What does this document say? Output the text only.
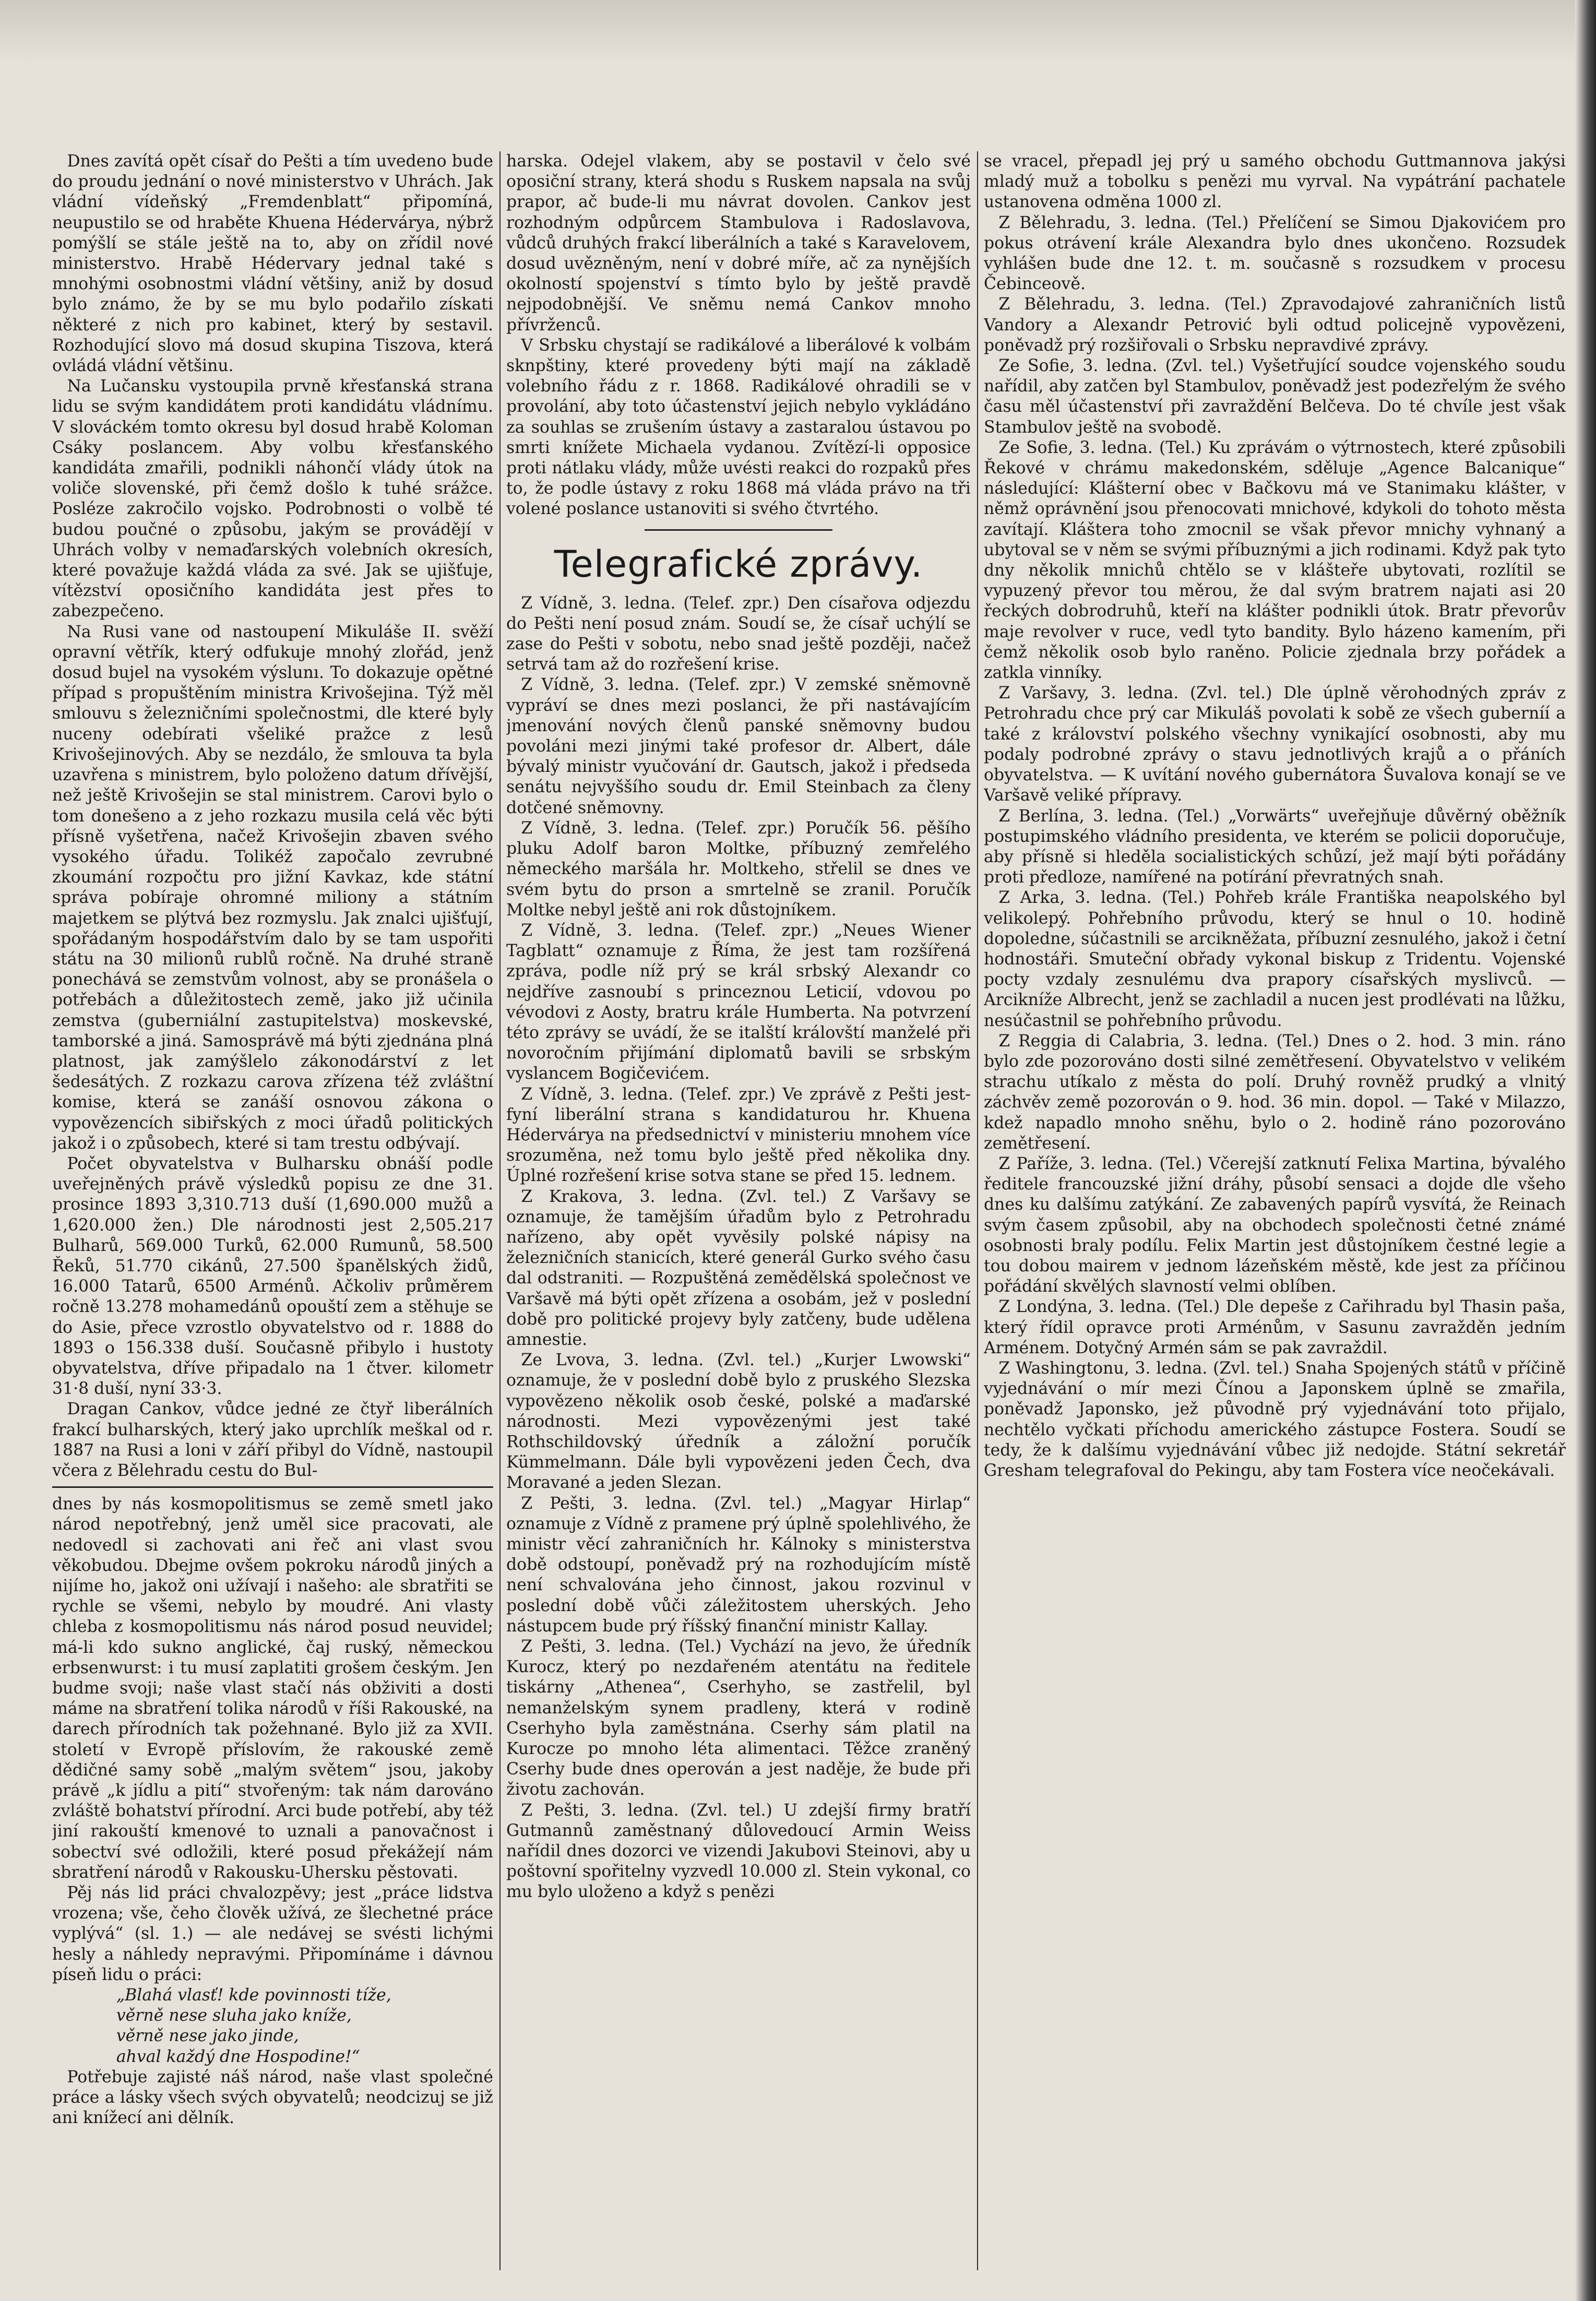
Dnes zavítá opět císař do Pešti a tím uvedeno bude do proudu jednání o nové ministerstvo v Uhrách. Jak vládní vídeňský „Fremdenblatt“ připomíná, neupustilo se od hraběte Khuena Hédervárya, nýbrž pomýšlí se stále ještě na to, aby on zřídil nové ministerstvo. Hrabě Hédervary jednal také s mnohými osobnostmi vládní většiny, aniž by dosud bylo známo, že by se mu bylo podařilo získati některé z nich pro kabinet, který by sestavil. Rozhodující slovo má dosud skupina Tiszova, která ovládá vládní většinu.

Na Lučansku vystoupila prvně křesťanská strana lidu se svým kandidátem proti kandidátu vládnímu. V slováckém tomto okresu byl dosud hrabě Koloman Csáky poslancem. Aby volbu křesťanského kandidáta zmařili, podnikli náhončí vlády útok na voliče slovenské, při čemž došlo k tuhé srážce. Posléze zakročilo vojsko. Podrobnosti o volbě té budou poučné o způsobu, jakým se provádějí v Uhrách volby v nemaďarských volebních okresích, které považuje každá vláda za své. Jak se ujišťuje, vítězství oposičního kandidáta jest přes to zabezpečeno.

Na Rusi vane od nastoupení Mikuláše II. svěží opravní větřík, který odfukuje mnohý zlořád, jenž dosud bujel na vysokém výslunı. To dokazuje opětné případ s propuštěním ministra Krivošejina. Týž měl smlouvu s železničními společnostmi, dle které byly nuceny odebírati všeliké pražce z lesů Krivošejinových. Aby se nezdálo, že smlouva ta byla uzavřena s ministrem, bylo položeno datum dřívější, než ještě Krivošejin se stal ministrem. Carovi bylo o tom donešeno a z jeho rozkazu musila celá věc býti přísně vyšetřena, načež Krivošejin zbaven svého vysokého úřadu. Tolikéž započalo zevrubné zkoumání rozpočtu pro jižní Kavkaz, kde státní správa pobíraje ohromné miliony a státním majetkem se plýtvá bez rozmyslu. Jak znalci ujišťují, spořádaným hospodářstvím dalo by se tam uspořiti státu na 30 milionů rublů ročně. Na druhé straně ponechává se zemstvům volnost, aby se pronášela o potřebách a důležitostech země, jako již učinila zemstva (guberniální zastupitelstva) moskevské, tamborské a jiná. Samosprávě má býti zjednána plná platnost, jak zamýšlelo zákonodárství z let šedesátých. Z rozkazu carova zřízena též zvláštní komise, která se zanáší osnovou zákona o vypovězencích sibiřských z moci úřadů politických jakož i o způsobech, které si tam trestu odbývají.

Počet obyvatelstva v Bulharsku obnáší podle uveřejněných právě výsledků popisu ze dne 31. prosince 1893 3,310.713 duší (1,690.000 mužů a 1,620.000 žen.) Dle národnosti jest 2,505.217 Bulharů, 569.000 Turků, 62.000 Rumunů, 58.500 Řeků, 51.770 cikánů, 27.500 španělských židů, 16.000 Tatarů, 6500 Arménů. Ačkoliv průměrem ročně 13.278 mohamedánů opouští zem a stěhuje se do Asie, přece vzrostlo obyvatelstvo od r. 1888 do 1893 o 156.338 duší. Současně přibylo i hustoty obyvatelstva, dříve připadalo na 1 čtver. kilometr 31·8 duší, nyní 33·3.

Dragan Cankov, vůdce jedné ze čtyř liberálních frakcí bulharských, který jako uprchlík meškal od r. 1887 na Rusi a loni v září přibyl do Vídně, nastoupil včera z Bělehradu cestu do Bul-

dnes by nás kosmopolitismus se země smetl jako národ nepotřebný, jenž uměl sice pracovati, ale nedovedl si zachovati ani řeč ani vlast svou věkobudou. Dbejme ovšem pokroku národů jiných a nijíme ho, jakož oni užívají i našeho: ale sbratřiti se rychle se všemi, nebylo by moudré. Ani vlasty chleba z kosmopolitismu nás národ posud neuvidel; má-li kdo sukno anglické, čaj ruský, německou erbsenwurst: i tu musí zaplatiti grošem českým. Jen budme svoji; naše vlast stačí nás obživiti a dosti máme na sbratření tolika národů v říši Rakouské, na darech přírodních tak požehnané. Bylo již za XVII. století v Evropě příslovím, že rakouské země dědičné samy sobě „malým světem“ jsou, jakoby právě „k jídlu a pití“ stvořeným: tak nám darováno zvláště bohatství přírodní. Arci bude potřebí, aby též jiní rakouští kmenové to uznali a panovačnost i sobectví své odložili, které posud překážejí nám sbratření národů v Rakousku-Uhersku pěstovati.

Pěj nás lid práci chvalozpěvy; jest „práce lidstva vrozena; vše, čeho člověk užívá, ze šlechetné práce vyplývá“ (sl. 1.) — ale nedávej se svésti lichými hesly a náhledy nepravými. Připomínáme i dávnou píseň lidu o práci:

„Blahá vlasť! kde povinnosti tíže,
věrně nese sluha jako kníže,
věrně nese jako jinde,
ahval každý dne Hospodine!“

Potřebuje zajisté náš národ, naše vlast společné práce a lásky všech svých obyvatelů; neodcizuj se již ani knížecí ani dělník.

harska. Odejel vlakem, aby se postavil v čelo své oposiční strany, která shodu s Ruskem napsala na svůj prapor, ač bude-li mu návrat dovolen. Cankov jest rozhodným odpůrcem Stambulova i Radoslavova, vůdců druhých frakcí liberálních a také s Karavelovem, dosud uvězněným, není v dobré míře, ač za nynějších okolností spojenství s tímto bylo by ještě pravdě nejpodobnější. Ve sněmu nemá Cankov mnoho přívrženců.

V Srbsku chystají se radikálové a liberálové k volbám sknpštiny, které provedeny býti mají na základě volebního řádu z r. 1868. Radikálové ohradili se v provolání, aby toto účastenství jejich nebylo vykládáno za souhlas se zrušením ústavy a zastaralou ústavou po smrti knížete Michaela vydanou. Zvítězí-li opposice proti nátlaku vlády, může uvésti reakci do rozpaků přes to, že podle ústavy z roku 1868 má vláda právo na tři volené poslance ustanoviti si svého čtvrtého.

Telegrafické zprávy.

Z Vídně, 3. ledna. (Telef. zpr.) Den císařova odjezdu do Pešti není posud znám. Soudí se, že císař uchýlí se zase do Pešti v sobotu, nebo snad ještě později, načež setrvá tam až do rozřešení krise.

Z Vídně, 3. ledna. (Telef. zpr.) V zemské sněmovně vypráví se dnes mezi poslanci, že při nastávajícím jmenování nových členů panské sněmovny budou povoláni mezi jinými také profesor dr. Albert, dále bývalý ministr vyučování dr. Gautsch, jakož i předseda senátu nejvyššího soudu dr. Emil Steinbach za členy dotčené sněmovny.

Z Vídně, 3. ledna. (Telef. zpr.) Poručík 56. pěšího pluku Adolf baron Moltke, příbuzný zemřelého německého maršála hr. Moltkeho, střelil se dnes ve svém bytu do prson a smrtelně se zranil. Poručík Moltke nebyl ještě ani rok důstojníkem.

Z Vídně, 3. ledna. (Telef. zpr.) „Neues Wiener Tagblatt“ oznamuje z Říma, že jest tam rozšířená zpráva, podle níž prý se král srbský Alexandr co nejdříve zasnoubí s princeznou Leticií, vdovou po vévodovi z Aosty, bratru krále Humberta. Na potvrzení této zprávy se uvádí, že se italští královští manželé při novoročním přijímání diplomatů bavili se srbským vyslancem Bogičevićem.

Z Vídně, 3. ledna. (Telef. zpr.) Ve zprávě z Pešti jest-fyní liberální strana s kandidaturou hr. Khuena Hédervárya na předsednictví v ministeriu mnohem více srozuměna, než tomu bylo ještě před několika dny. Úplné rozřešení krise sotva stane se před 15. lednem.

Z Krakova, 3. ledna. (Zvl. tel.) Z Varšavy se oznamuje, že tamějším úřadům bylo z Petrohradu nařízeno, aby opět vyvěsily polské nápisy na železničních stanicích, které generál Gurko svého času dal odstraniti. — Rozpuštěná zemědělská společnost ve Varšavě má býti opět zřízena a osobám, jež v poslední době pro politické projevy byly zatčeny, bude udělena amnestie.

Ze Lvova, 3. ledna. (Zvl. tel.) „Kurjer Lwowski“ oznamuje, že v poslední době bylo z pruského Slezska vypovězeno několik osob české, polské a maďarské národnosti. Mezi vypovězenými jest také Rothschildovský úředník a záložní poručík Kümmelmann. Dále byli vypovězeni jeden Čech, dva Moravané a jeden Slezan.

Z Pešti, 3. ledna. (Zvl. tel.) „Magyar Hirlap“ oznamuje z Vídně z pramene prý úplně spolehlivého, že ministr věcí zahraničních hr. Kálnoky s ministerstva době odstoupí, poněvadž prý na rozhodujícím místě není schvalována jeho činnost, jakou rozvinul v poslední době vůči záležitostem uherských. Jeho nástupcem bude prý říšský finanční ministr Kallay.

Z Pešti, 3. ledna. (Tel.) Vychází na jevo, že úředník Kurocz, který po nezdařeném atentátu na ředitele tiskárny „Athenea“, Cserhyho, se zastřelil, byl nemanželským synem pradleny, která v rodině Cserhyho byla zaměstnána. Cserhy sám platil na Kurocze po mnoho léta alimentaci. Těžce zraněný Cserhy bude dnes operován a jest naděje, že bude při životu zachován.

Z Pešti, 3. ledna. (Zvl. tel.) U zdejší firmy bratří Gutmannů zaměstnaný důlovedoucí Armin Weiss nařídil dnes dozorci ve vizendi Jakubovi Steinovi, aby u poštovní spořitelny vyzvedl 10.000 zl. Stein vykonal, co mu bylo uloženo a když s penězi

se vracel, přepadl jej prý u samého obchodu Guttmannova jakýsi mladý muž a tobolku s penězi mu vyrval. Na vypátrání pachatele ustanovena odměna 1000 zl.

Z Bělehradu, 3. ledna. (Tel.) Přelíčení se Simou Djakovićem pro pokus otrávení krále Alexandra bylo dnes ukončeno. Rozsudek vyhlášen bude dne 12. t. m. současně s rozsudkem v procesu Čebinceově.

Z Bělehradu, 3. ledna. (Tel.) Zpravodajové zahraničních listů Vandory a Alexandr Petrović byli odtud policejně vypovězeni, poněvadž prý rozšiřovali o Srbsku nepravdivé zprávy.

Ze Sofie, 3. ledna. (Zvl. tel.) Vyšetřující soudce vojenského soudu nařídil, aby zatčen byl Stambulov, poněvadž jest podezřelým že svého času měl účastenství při zavraždění Belčeva. Do té chvíle jest však Stambulov ještě na svobodě.

Ze Sofie, 3. ledna. (Tel.) Ku zprávám o výtrnostech, které způsobili Řekové v chrámu makedonském, sděluje „Agence Balcanique“ následující: Klášterní obec v Bačkovu má ve Stanimaku klášter, v němž oprávnění jsou přenocovati mnichové, kdykoli do tohoto města zavítají. Kláštera toho zmocnil se však převor mnichy vyhnaný a ubytoval se v něm se svými příbuznými a jich rodinami. Když pak tyto dny několik mnichů chtělo se v klášteře ubytovati, rozlítil se vypuzený převor tou měrou, že dal svým bratrem najati asi 20 řeckých dobrodruhů, kteří na klášter podnikli útok. Bratr převorův maje revolver v ruce, vedl tyto bandity. Bylo házeno kamením, při čemž několik osob bylo raněno. Policie zjednala brzy pořádek a zatkla vinníky.

Z Varšavy, 3. ledna. (Zvl. tel.) Dle úplně věrohodných zpráv z Petrohradu chce prý car Mikuláš povolati k sobě ze všech guberníí a také z království polského všechny vynikající osobnosti, aby mu podaly podrobné zprávy o stavu jednotlivých krajů a o přáních obyvatelstva. — K uvítání nového gubernátora Šuvalova konají se ve Varšavě veliké přípravy.

Z Berlína, 3. ledna. (Tel.) „Vorwärts“ uveřejňuje důvěrný oběžník postupimského vládního presidenta, ve kterém se policii doporučuje, aby přísně si hleděla socialistických schůzí, jež mají býti pořádány proti předloze, namířené na potírání převratných snah.

Z Arka, 3. ledna. (Tel.) Pohřeb krále Františka neapolského byl velikolepý. Pohřebního průvodu, který se hnul o 10. hodině dopoledne, súčastnili se arcikněžata, příbuzní zesnulého, jakož i četní hodnostáři. Smuteční obřady vykonal biskup z Tridentu. Vojenské pocty vzdaly zesnulému dva prapory císařských myslivců. — Arcikníže Albrecht, jenž se zachladil a nucen jest prodlévati na lůžku, nesúčastnil se pohřebního průvodu.

Z Reggia di Calabria, 3. ledna. (Tel.) Dnes o 2. hod. 3 min. ráno bylo zde pozorováno dosti silné zemětřesení. Obyvatelstvo v velikém strachu utíkalo z města do polí. Druhý rovněž prudký a vlnitý záchvěv země pozorován o 9. hod. 36 min. dopol. — Také v Milazzo, kdež napadlo mnoho sněhu, bylo o 2. hodině ráno pozorováno zemětřesení.

Z Paříže, 3. ledna. (Tel.) Včerejší zatknutí Felixa Martina, bývalého ředitele francouzské jižní dráhy, působí sensaci a dojde dle všeho dnes ku dalšímu zatýkání. Ze zabavených papírů vysvítá, že Reinach svým časem způsobil, aby na obchodech společnosti četné známé osobnosti braly podílu. Felix Martin jest důstojníkem čestné legie a tou dobou mairem v jednom lázeňském městě, kde jest za příčinou pořádání skvělých slavností velmi oblíben.

Z Londýna, 3. ledna. (Tel.) Dle depeše z Cařihradu byl Thasin paša, který řídil opravce proti Arménům, v Sasunu zavražděn jedním Arménem. Dotyčný Armén sám se pak zavraždil.

Z Washingtonu, 3. ledna. (Zvl. tel.) Snaha Spojených států v příčině vyjednávání o mír mezi Čínou a Japonskem úplně se zmařila, poněvadž Japonsko, jež původně prý vyjednávání toto přijalo, nechtělo vyčkati příchodu amerického zástupce Fostera. Soudí se tedy, že k dalšímu vyjednávání vůbec již nedojde. Státní sekretář Gresham telegrafoval do Pekingu, aby tam Fostera více neočekávali.
